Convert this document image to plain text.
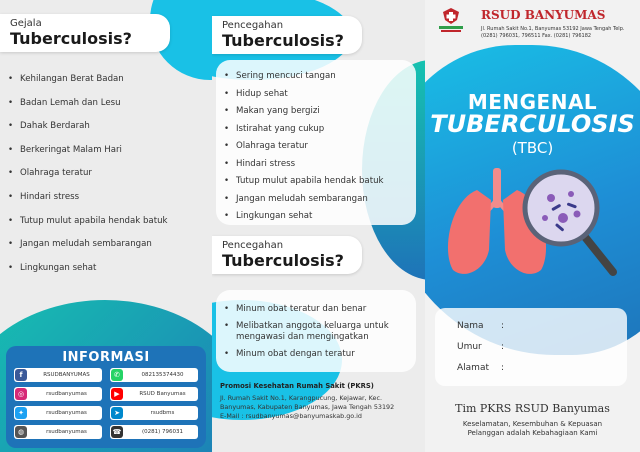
Gejala
Tuberculosis?
• Kehilangan Berat Badan
• Badan Lemah dan Lesu
• Dahak Berdarah
• Berkeringat Malam Hari
• Olahraga teratur
• Hindari stress
• Tutup mulut apabila hendak batuk
• Jangan meludah sembarangan
• Lingkungan sehat
INFORMASI
f	RSUDBANYUMAS	✆	082135374430
◎	rsudbanyumas	▶	RSUD Banyumas
✦	rsudbanyumas	➤	rsudbms
◍	rsudbanyumas	☎	(0281) 796031
Pencegahan
Tuberculosis?
• Sering mencuci tangan
• Hidup sehat
• Makan yang bergizi
• Istirahat yang cukup
• Olahraga teratur
• Hindari stress
• Tutup mulut apabila hendak batuk
• Jangan meludah sembarangan
• Lingkungan sehat
Pencegahan
Tuberculosis?
• Minum obat teratur dan benar
• Melibatkan anggota keluarga untuk mengawasi dan mengingatkan
• Minum obat dengan teratur
Promosi Kesehatan Rumah Sakit (PKRS)
Jl. Rumah Sakit No.1, Karangpucung, Kejawar, Kec. Banyumas, Kabupaten Banyumas, Jawa Tengah 53192
E-Mail : rsudbanyumas@banyumaskab.go.id
RSUD BANYUMAS
Jl. Rumah Sakit No.1, Banyumas 53192 Jawa Tengah Telp. (0281) 796031, 796511 Fax. (0281) 796182
MENGENAL
TUBERCULOSIS
(TBC)
Nama	:
Umur	:
Alamat	:
Tim PKRS RSUD Banyumas
Keselamatan, Kesembuhan & Kepuasan
Pelanggan adalah Kebahagiaan Kami
